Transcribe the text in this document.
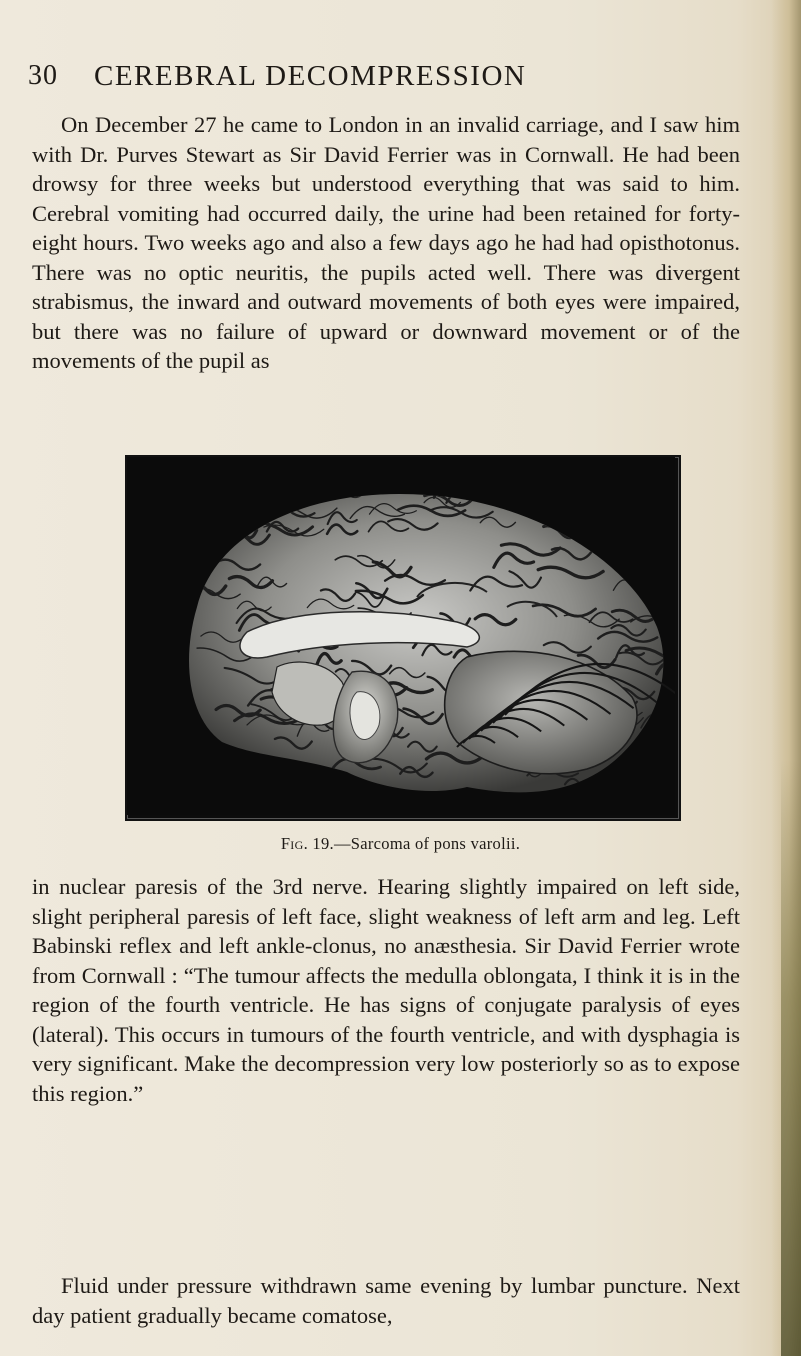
30 CEREBRAL DECOMPRESSION

On December 27 he came to London in an invalid carriage, and I saw him with Dr. Purves Stewart as Sir David Ferrier was in Cornwall. He had been drowsy for three weeks but understood everything that was said to him. Cerebral vomiting had occurred daily, the urine had been retained for forty-eight hours. Two weeks ago and also a few days ago he had had opisthotonus. There was no optic neuritis, the pupils acted well. There was divergent strabismus, the inward and outward movements of both eyes were impaired, but there was no failure of upward or downward movement or of the movements of the pupil as

Fig. 19.—Sarcoma of pons varolii.

in nuclear paresis of the 3rd nerve. Hearing slightly impaired on left side, slight peripheral paresis of left face, slight weakness of left arm and leg. Left Babinski reflex and left ankle-clonus, no anæsthesia. Sir David Ferrier wrote from Cornwall : “The tumour affects the medulla oblongata, I think it is in the region of the fourth ventricle. He has signs of conjugate paralysis of eyes (lateral). This occurs in tumours of the fourth ventricle, and with dysphagia is very significant. Make the decompression very low posteriorly so as to expose this region.”

Fluid under pressure withdrawn same evening by lumbar puncture. Next day patient gradually became comatose,
